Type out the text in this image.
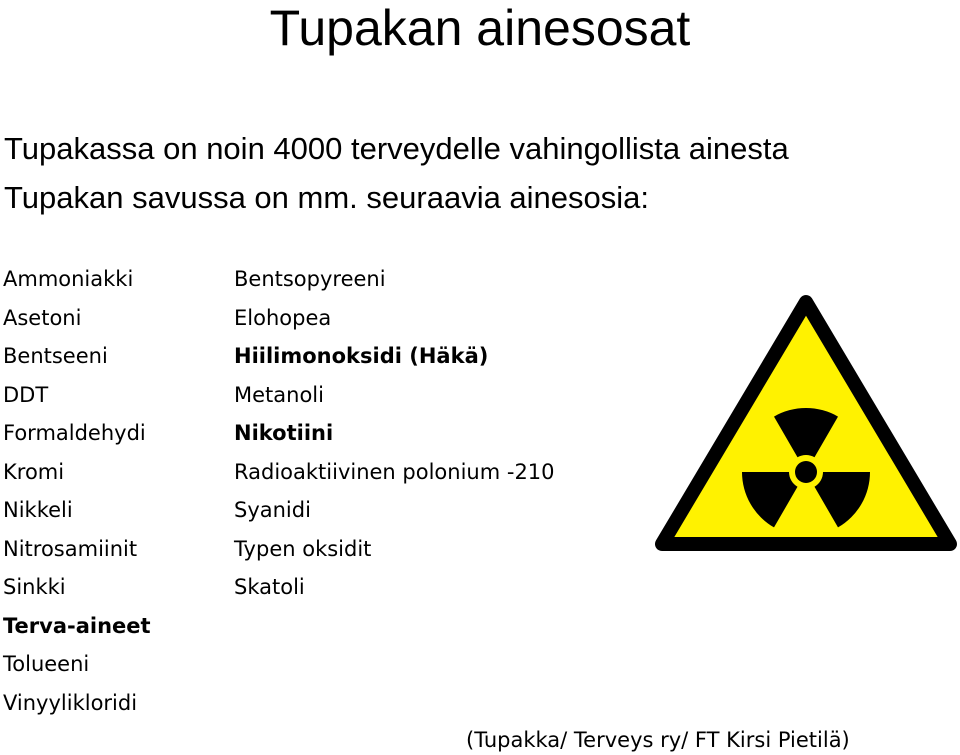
Tupakan ainesosat
Tupakassa on noin 4000 terveydelle vahingollista ainesta
Tupakan savussa on mm. seuraavia ainesosia:
Ammoniakki
Asetoni
Bentseeni
DDT
Formaldehydi
Kromi
Nikkeli
Nitrosamiinit
Sinkki
Terva-aineet
Tolueeni
Vinyylikloridi
Bentsopyreeni
Elohopea
Hiilimonoksidi (Häkä)
Metanoli
Nikotiini
Radioaktiivinen polonium -210
Syanidi
Typen oksidit
Skatoli
(Tupakka/ Terveys ry/ FT Kirsi Pietilä)
